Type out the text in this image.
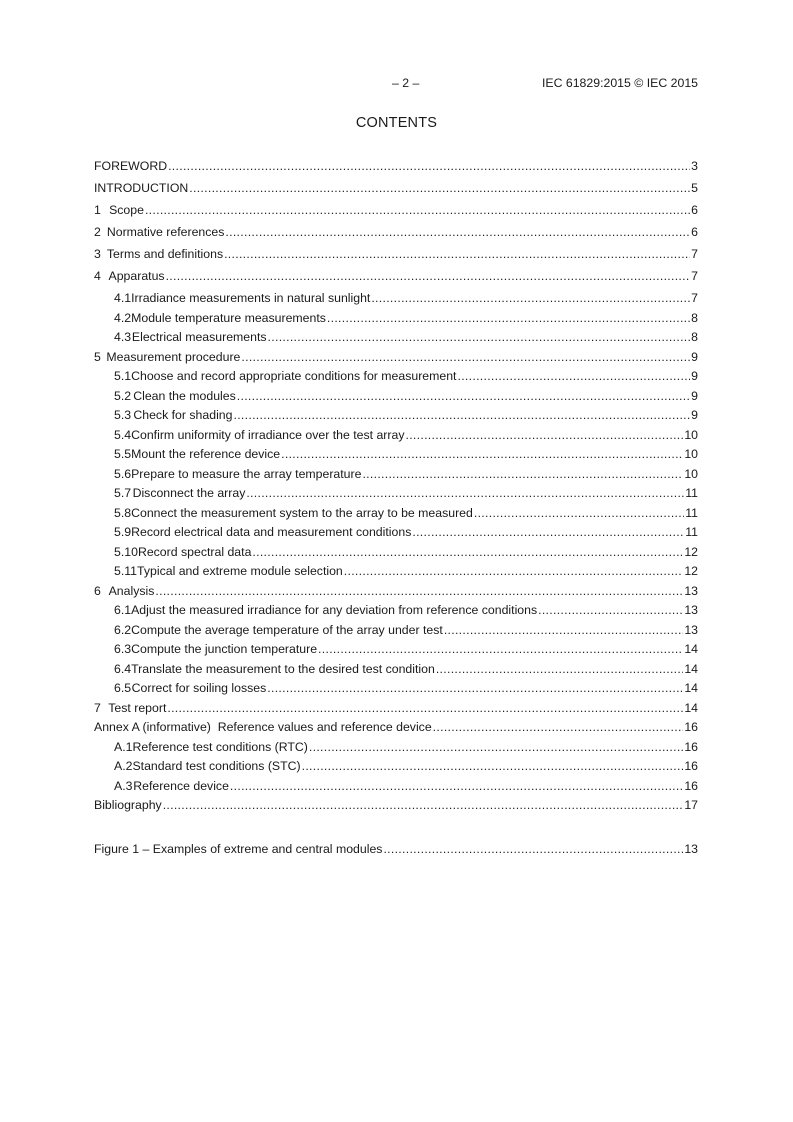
– 2 –	IEC 61829:2015 © IEC 2015
CONTENTS
FOREWORD .....	3
INTRODUCTION .....	5
1 Scope .....	6
2 Normative references .....	6
3 Terms and definitions .....	7
4 Apparatus .....	7
4.1 Irradiance measurements in natural sunlight .....	7
4.2 Module temperature measurements .....	8
4.3 Electrical measurements .....	8
5 Measurement procedure .....	9
5.1 Choose and record appropriate conditions for measurement .....	9
5.2 Clean the modules .....	9
5.3 Check for shading .....	9
5.4 Confirm uniformity of irradiance over the test array .....	10
5.5 Mount the reference device .....	10
5.6 Prepare to measure the array temperature .....	10
5.7 Disconnect the array .....	11
5.8 Connect the measurement system to the array to be measured .....	11
5.9 Record electrical data and measurement conditions .....	11
5.10 Record spectral data .....	12
5.11 Typical and extreme module selection .....	12
6 Analysis .....	13
6.1 Adjust the measured irradiance for any deviation from reference conditions .....	13
6.2 Compute the average temperature of the array under test .....	13
6.3 Compute the junction temperature .....	14
6.4 Translate the measurement to the desired test condition .....	14
6.5 Correct for soiling losses .....	14
7 Test report .....	14
Annex A (informative)  Reference values and reference device .....	16
A.1 Reference test conditions (RTC) .....	16
A.2 Standard test conditions (STC) .....	16
A.3 Reference device .....	16
Bibliography .....	17
Figure 1 – Examples of extreme and central modules .....	13
